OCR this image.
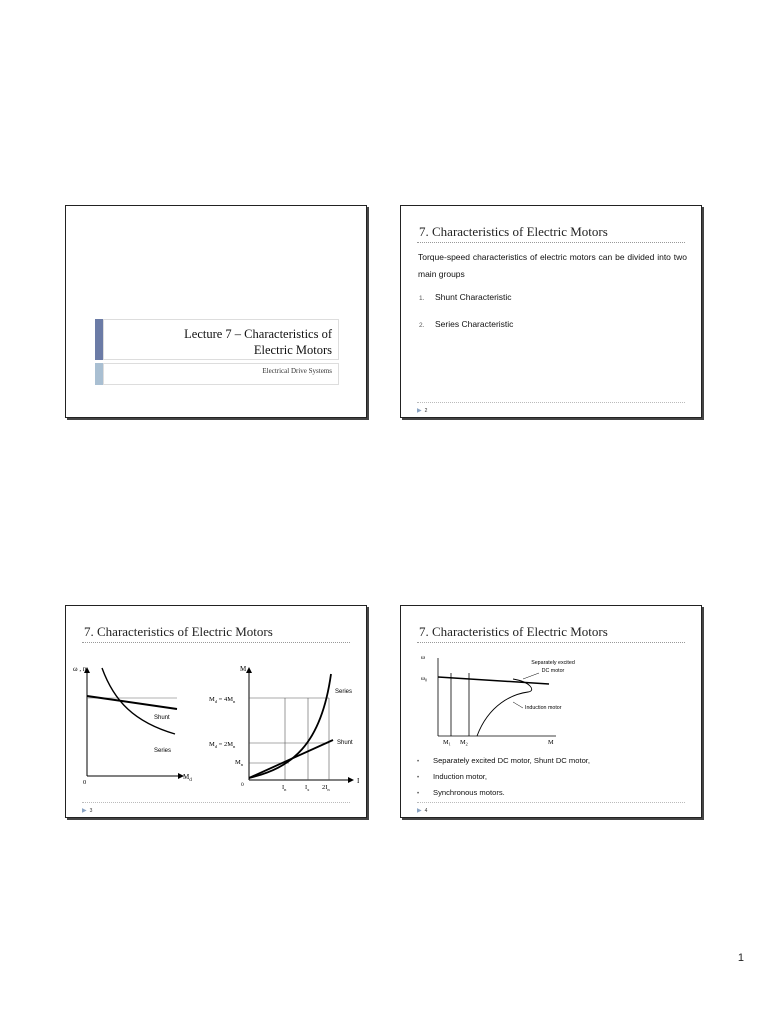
Lecture 7 – Characteristics of
Electric Motors
Electrical Drive Systems
7. Characteristics of Electric Motors
Torque-speed characteristics of electric motors can be divided into two main groups
1. Shunt Characteristic
2. Series Characteristic
▶ 2
7. Characteristics of Electric Motors
ω , n
0
$M_d$
Shunt
Series
M
I
0
$M_d = 4M_n$
$M_d = 2M_n$
$M_n$
$I_n$	$I_x$ $2I_n$
Series
Shunt
▶ 3
7. Characteristics of Electric Motors
ω
$\omega_0$
Separately excited
DC motor
Induction motor
$M_1$ $M_2$	M
• Separately excited DC motor, Shunt DC motor,
• Induction motor,
• Synchronous motors.
▶ 4
1
